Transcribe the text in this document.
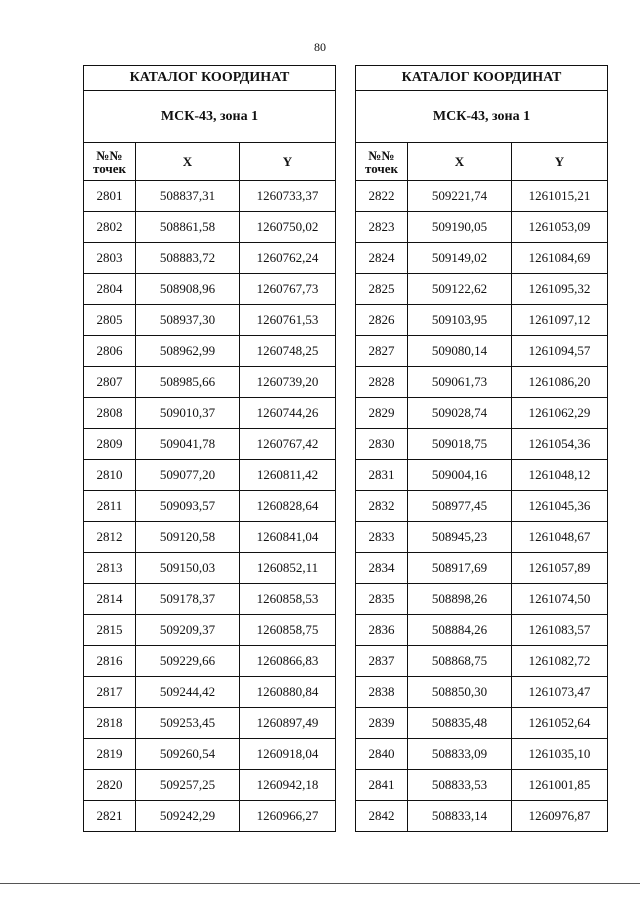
80
КАТАЛОГ КООРДИНАТ		
МСК-43, зона 1		
№№
точек	X	Y
2801	508837,31	1260733,37
2802	508861,58	1260750,02
2803	508883,72	1260762,24
2804	508908,96	1260767,73
2805	508937,30	1260761,53
2806	508962,99	1260748,25
2807	508985,66	1260739,20
2808	509010,37	1260744,26
2809	509041,78	1260767,42
2810	509077,20	1260811,42
2811	509093,57	1260828,64
2812	509120,58	1260841,04
2813	509150,03	1260852,11
2814	509178,37	1260858,53
2815	509209,37	1260858,75
2816	509229,66	1260866,83
2817	509244,42	1260880,84
2818	509253,45	1260897,49
2819	509260,54	1260918,04
2820	509257,25	1260942,18
2821	509242,29	1260966,27
КАТАЛОГ КООРДИНАТ		
МСК-43, зона 1		
№№
точек	X	Y
2822	509221,74	1261015,21
2823	509190,05	1261053,09
2824	509149,02	1261084,69
2825	509122,62	1261095,32
2826	509103,95	1261097,12
2827	509080,14	1261094,57
2828	509061,73	1261086,20
2829	509028,74	1261062,29
2830	509018,75	1261054,36
2831	509004,16	1261048,12
2832	508977,45	1261045,36
2833	508945,23	1261048,67
2834	508917,69	1261057,89
2835	508898,26	1261074,50
2836	508884,26	1261083,57
2837	508868,75	1261082,72
2838	508850,30	1261073,47
2839	508835,48	1261052,64
2840	508833,09	1261035,10
2841	508833,53	1261001,85
2842	508833,14	1260976,87
